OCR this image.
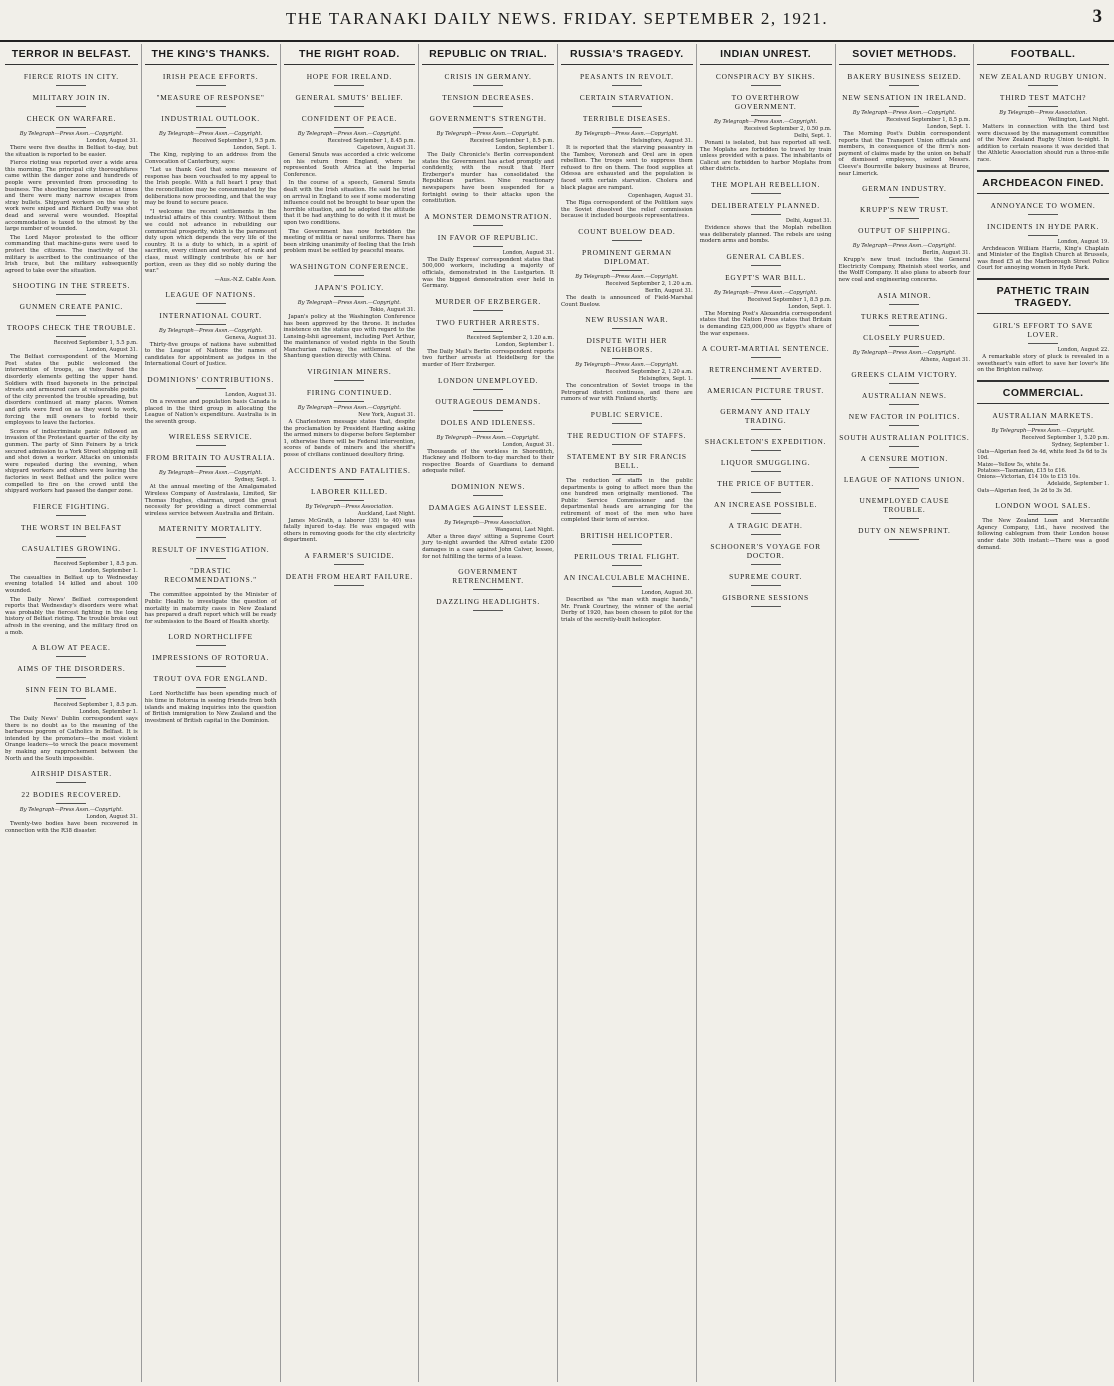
THE TARANAKI DAILY NEWS. FRIDAY. SEPTEMBER 2, 1921.	3
TERROR IN BELFAST.
FIERCE RIOTS IN CITY.
MILITARY JOIN IN.
CHECK ON WARFARE.
By Telegraph—Press Assn.—Copyright.
London, August 31.

There were five deaths in Belfast to-day, but the situation is reported to be easier.

Fierce rioting was reported over a wide area this morning. The principal city thoroughfares came within the danger zone and hundreds of people were prevented from proceeding to business. The shooting became intense at times and there were many narrow escapes from stray bullets. Shipyard workers on the way to work were sniped and Richard Duffy was shot dead and several were wounded. Hospital accommodation is taxed to the utmost by the large number of wounded.

The Lord Mayor protested to the officer commanding that machine-guns were used to protect the citizens. The inactivity of the military is ascribed to the continuance of the Irish truce, but the military subsequently agreed to take over the situation.

SHOOTING IN THE STREETS.
GUNMEN CREATE PANIC.
TROOPS CHECK THE TROUBLE.
Received September 1, 5.5 p.m.
London, August 31.

The Belfast correspondent of the Morning Post states the public welcomed the intervention of troops, as they feared the disorderly elements getting the upper hand. Soldiers with fixed bayonets in the principal streets and armoured cars at vulnerable points of the city prevented the trouble spreading, but disorders continued at many places. Women and girls were fired on as they went to work, forcing the mill owners to forbid their employees to leave the factories.

Scores of indiscriminate panic followed an invasion of the Protestant quarter of the city by gunmen. The party of Sinn Feiners by a trick secured admission to a York Street shipping mill and shot down a worker. Attacks on unionists were repeated during the evening, when shipyard workers and others were leaving the factories in west Belfast and the police were compelled to fire on the crowd until the shipyard workers had passed the danger zone.

FIERCE FIGHTING.
THE WORST IN BELFAST
CASUALTIES GROWING.
Received September 1, 8.5 p.m.
London, September 1.

The casualties in Belfast up to Wednesday evening totalled 14 killed and about 100 wounded.

The Daily News' Belfast correspondent reports that Wednesday's disorders were what was probably the fiercest fighting in the long history of Belfast rioting. The trouble broke out afresh in the evening, and the military fired on a mob.

A BLOW AT PEACE.
AIMS OF THE DISORDERS.
SINN FEIN TO BLAME.
Received September 1, 8.5 p.m.
London, September 1.

The Daily News' Dublin correspondent says there is no doubt as to the meaning of the barbarous pogrom of Catholics in Belfast. It is intended by the promoters—the most violent Orange leaders—to wreck the peace movement by making any rapprochement between the North and the South impossible.

AIRSHIP DISASTER.
22 BODIES RECOVERED.
By Telegraph—Press Assn.—Copyright.
London, August 31.

Twenty-two bodies have been recovered in connection with the R38 disaster.

THE KING'S THANKS.
IRISH PEACE EFFORTS.
"MEASURE OF RESPONSE"
INDUSTRIAL OUTLOOK.
By Telegraph—Press Assn.—Copyright.
Received September 1, 9.5 p.m.
London, Sept. 1.

The King, replying to an address from the Convocation of Canterbury, says:

"Let us thank God that some measure of response has been vouchsafed to my appeal to the Irish people. With a full heart I pray that the reconciliation may be consummated by the deliberations now proceeding, and that the way may be found to secure peace.

"I welcome the recent settlements in the industrial affairs of this country. Without them we could not advance in rebuilding our commercial prosperity, which is the paramount duty upon which depends the very life of the country. It is a duty to which, in a spirit of sacrifice, every citizen and worker, of rank and class, must willingly contribute his or her portion, even as they did so nobly during the war."

—Aus.-N.Z. Cable Assn.
LEAGUE OF NATIONS.
INTERNATIONAL COURT.
By Telegraph—Press Assn.—Copyright.
Geneva, August 31.

Thirty-five groups of nations have submitted to the League of Nations the names of candidates for appointment as judges in the International Court of Justice.

DOMINIONS' CONTRIBUTIONS.
London, August 31.

On a revenue and population basis Canada is placed in the third group in allocating the League of Nation's expenditure. Australia is in the seventh group.

WIRELESS SERVICE.
FROM BRITAIN TO AUSTRALIA.
By Telegraph—Press Assn.—Copyright.
Sydney, Sept. 1.

At the annual meeting of the Amalgamated Wireless Company of Australasia, Limited, Sir Thomas Hughes, chairman, urged the great necessity for providing a direct commercial wireless service between Australia and Britain.

MATERNITY MORTALITY.
RESULT OF INVESTIGATION.
"DRASTIC RECOMMENDATIONS."

The committee appointed by the Minister of Public Health to investigate the question of mortality in maternity cases in New Zealand has prepared a draft report which will be ready for submission to the Board of Health shortly.

LORD NORTHCLIFFE
IMPRESSIONS OF ROTORUA.
TROUT OVA FOR ENGLAND.

Lord Northcliffe has been spending much of his time in Rotorua in seeing friends from both islands and making inquiries into the question of British immigration to New Zealand and the investment of British capital in the Dominion.

THE RIGHT ROAD.
HOPE FOR IRELAND.
GENERAL SMUTS' BELIEF.
CONFIDENT OF PEACE.
By Telegraph—Press Assn.—Copyright.
Received September 1, 8.45 p.m.
Capetown, August 31.

General Smuts was accorded a civic welcome on his return from England, where he represented South Africa at the Imperial Conference.

In the course of a speech, General Smuts dealt with the Irish situation. He said he tried on arrival in England to see if some moderating influence could not be brought to bear upon the horrible situation, and he adopted the attitude that it be had anything to do with it it must be upon two conditions.

The Government has now forbidden the meeting of militia or naval uniforms. There has been striking unanimity of feeling that the Irish problem must be settled by peaceful means.

WASHINGTON CONFERENCE.
JAPAN'S POLICY.
By Telegraph—Press Assn.—Copyright.
Tokio, August 31.

Japan's policy at the Washington Conference has been approved by the throne. It includes insistence on the status quo with regard to the Lansing-Ishii agreement, including Port Arthur, the maintenance of vested rights in the South Manchurian railway, the settlement of the Shantung question directly with China.

VIRGINIAN MINERS.
FIRING CONTINUED.
By Telegraph—Press Assn.—Copyright.
New York, August 31.

A Charlestown message states that, despite the proclamation by President Harding asking the armed miners to disperse before September 1, otherwise there will be Federal intervention, scores of bands of miners and the sheriff's posse of civilians continued desultory firing.

ACCIDENTS AND FATALITIES.
LABORER KILLED.
By Telegraph—Press Association.
Auckland, Last Night.

James McGrath, a laborer (35) to 40) was fatally injured to-day. He was engaged with others in removing goods for the city electricity department.

A FARMER'S SUICIDE.
DEATH FROM HEART FAILURE.
REPUBLIC ON TRIAL.
CRISIS IN GERMANY.
TENSION DECREASES.
GOVERNMENT'S STRENGTH.
By Telegraph—Press Assn.—Copyright.
Received September 1, 8.5 p.m.
London, September 1.

The Daily Chronicle's Berlin correspondent states the Government has acted promptly and confidently, with the result that Herr Erzberger's murder has consolidated the Republican parties. Nine reactionary newspapers have been suspended for a fortnight owing to their attacks upon the constitution.

A MONSTER DEMONSTRATION.
IN FAVOR OF REPUBLIC.
London, August 31.

The Daily Express' correspondent states that 500,000 workers, including a majority of officials, demonstrated in the Lustgarten. It was the biggest demonstration ever held in Germany.

MURDER OF ERZBERGER.
TWO FURTHER ARRESTS.
Received September 2, 1.20 a.m.
London, September 1.

The Daily Mail's Berlin correspondent reports two further arrests at Heidelberg for the murder of Herr Erzberger.

LONDON UNEMPLOYED.
OUTRAGEOUS DEMANDS.
DOLES AND IDLENESS.
By Telegraph—Press Assn.—Copyright.
London, August 31.

Thousands of the workless in Shoreditch, Hackney and Holborn to-day marched to their respective Boards of Guardians to demand adequate relief.

DOMINION NEWS.
DAMAGES AGAINST LESSEE.
By Telegraph—Press Association.
Wanganui, Last Night.

After a three days' sitting a Supreme Court jury to-night awarded the Alfred estate £200 damages in a case against John Calver, lessee, for not fulfilling the terms of a lease.

GOVERNMENT RETRENCHMENT.
DAZZLING HEADLIGHTS.
RUSSIA'S TRAGEDY.
PEASANTS IN REVOLT.
CERTAIN STARVATION.
TERRIBLE DISEASES.
By Telegraph—Press Assn.—Copyright.
Helsingfors, August 31.

It is reported that the starving peasantry in the Tambov, Voronezh and Orel are in open rebellion. The troops sent to suppress them refused to fire on them. The food supplies at Odessa are exhausted and the population is faced with certain starvation. Cholera and black plague are rampant.

Copenhagen, August 31.

The Riga correspondent of the Politiken says the Soviet dissolved the relief commission because it included bourgeois representatives.

COUNT BUELOW DEAD.
PROMINENT GERMAN DIPLOMAT.
By Telegraph—Press Assn.—Copyright.
Received September 2, 1.20 a.m.
Berlin, August 31.

The death is announced of Field-Marshal Count Buelow.

NEW RUSSIAN WAR.
DISPUTE WITH HER NEIGHBORS.
By Telegraph—Press Assn.—Copyright.
Received September 2, 1.20 a.m.
Helsingfors, Sept. 1.

The concentration of Soviet troops in the Petrograd district continues, and there are rumors of war with Finland shortly.

PUBLIC SERVICE.
THE REDUCTION OF STAFFS.
STATEMENT BY SIR FRANCIS BELL.

The reduction of staffs in the public departments is going to affect more than the one hundred men originally mentioned. The Public Service Commissioner and the departmental heads are arranging for the retirement of most of the men who have completed their term of service.

BRITISH HELICOPTER.
PERILOUS TRIAL FLIGHT.
AN INCALCULABLE MACHINE.
London, August 30.

Described as "the man with magic hands," Mr. Frank Courtney, the winner of the aerial Derby of 1920, has been chosen to pilot for the trials of the secretly-built helicopter.

INDIAN UNREST.
CONSPIRACY BY SIKHS.
TO OVERTHROW GOVERNMENT.
By Telegraph—Press Assn.—Copyright.
Received September 2, 0.50 p.m.
Delhi, Sept. 1.

Ponani is isolated, but has reported all well. The Moplahs are forbidden to travel by train unless provided with a pass. The inhabitants of Calicut are forbidden to harbor Moplahs from other districts.

THE MOPLAH REBELLION.
DELIBERATELY PLANNED.
Delhi, August 31.

Evidence shows that the Moplah rebellion was deliberately planned. The rebels are using modern arms and bombs.

GENERAL CABLES.
EGYPT'S WAR BILL.
By Telegraph—Press Assn.—Copyright.
Received September 1, 8.5 p.m.
London, Sept. 1.

The Morning Post's Alexandria correspondent states that the Nation Press states that Britain is demanding £25,000,000 as Egypt's share of the war expenses.

A COURT-MARTIAL SENTENCE.
RETRENCHMENT AVERTED.
AMERICAN PICTURE TRUST.
GERMANY AND ITALY TRADING.
SHACKLETON'S EXPEDITION.
LIQUOR SMUGGLING.
THE PRICE OF BUTTER.
AN INCREASE POSSIBLE.
A TRAGIC DEATH.
SCHOONER'S VOYAGE FOR DOCTOR.
SUPREME COURT.
GISBORNE SESSIONS
SOVIET METHODS.
BAKERY BUSINESS SEIZED.
NEW SENSATION IN IRELAND.
By Telegraph—Press Assn.—Copyright.
Received September 1, 8.5 p.m.
London, Sept. 1.

The Morning Post's Dublin correspondent reports that the Transport Union officials and members, in consequence of the firm's non-payment of claims made by the union on behalf of dismissed employees, seized Messrs. Cleeve's Bournville bakery business at Bruree, near Limerick.

GERMAN INDUSTRY.
KRUPP'S NEW TRUST.
OUTPUT OF SHIPPING.
By Telegraph—Press Assn.—Copyright.
Berlin, August 31.

Krupp's new trust includes the General Electricity Company, Rheinish steel works, and the Wolff Company. It also plans to absorb four new coal and engineering concerns.

ASIA MINOR.
TURKS RETREATING.
CLOSELY PURSUED.
By Telegraph—Press Assn.—Copyright.
Athens, August 31.
GREEKS CLAIM VICTORY.
AUSTRALIAN NEWS.
NEW FACTOR IN POLITICS.
SOUTH AUSTRALIAN POLITICS.
A CENSURE MOTION.
LEAGUE OF NATIONS UNION.
UNEMPLOYED CAUSE TROUBLE.
DUTY ON NEWSPRINT.
FOOTBALL.
NEW ZEALAND RUGBY UNION.
THIRD TEST MATCH?
By Telegraph—Press Association.
Wellington, Last Night.

Matters in connection with the third test were discussed by the management committee of the New Zealand Rugby Union to-night. In addition to certain reasons it was decided that the Athletic Association should run a three-mile race.

ARCHDEACON FINED.
ANNOYANCE TO WOMEN.
INCIDENTS IN HYDE PARK.
London, August 19.

Archdeacon William Harris, King's Chaplain and Minister of the English Church at Brussels, was fined £5 at the Marlborough Street Police Court for annoying women in Hyde Park.

PATHETIC TRAIN TRAGEDY.
GIRL'S EFFORT TO SAVE LOVER.
London, August 22.

A remarkable story of pluck is revealed in a sweetheart's vain effort to save her lover's life on the Brighton railway.

COMMERCIAL.
AUSTRALIAN MARKETS.
By Telegraph—Press Assn.—Copyright.
Received September 1, 5.20 p.m.
Sydney, September 1.
Oats—Algerian feed 3s 4d, white feed 3s 6d to 3s 10d.
Maize—Yellow 5s, white 5s.
Potatoes—Tasmanian, £15 to £16.
Onions—Victorian, £14 10s to £15 10s.
Adelaide, September 1.
Oats—Algerian feed, 3s 2d to 3s 3d.
LONDON WOOL SALES.

The New Zealand Loan and Mercantile Agency Company, Ltd., have received the following cablegram from their London house under date 30th instant:—There was a good demand.
